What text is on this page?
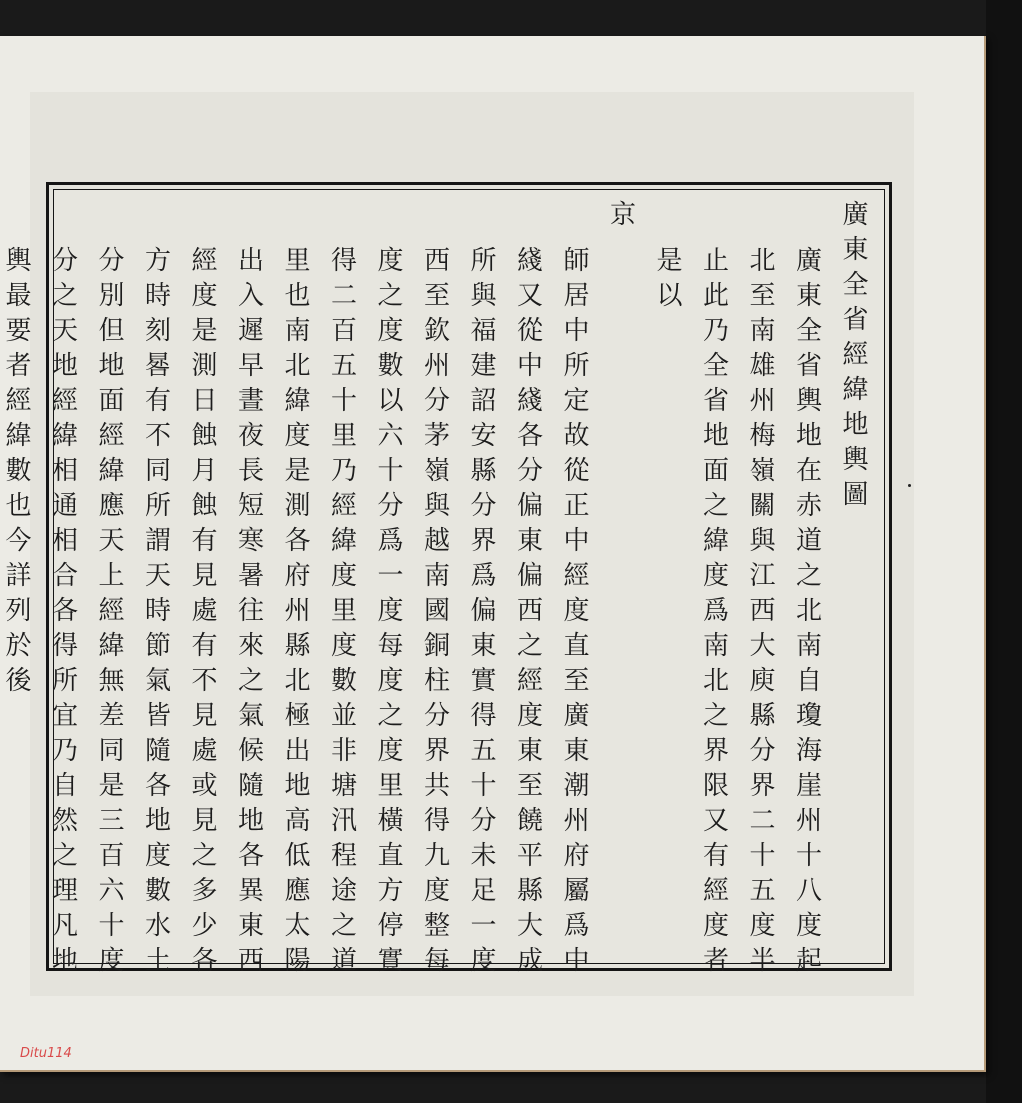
廣東全省經緯地輿圖
廣東全省輿地在赤道之北南自瓊海崖州十八度起
北至南雄州梅嶺關與江西大庾縣分界二十五度半
止此乃全省地面之緯度爲南北之界限又有經度者
是以
京
師居中所定故從正中經度直至廣東潮州府屬爲中
綫又從中綫各分偏東偏西之經度東至饒平縣大成
所與福建詔安縣分界爲偏東實得五十分未足一度
西至欽州分茅嶺與越南國銅柱分界共得九度整每
度之度數以六十分爲一度每度之度里橫直方停實
得二百五十里乃經緯度里度數並非塘汛程途之道
里也南北緯度是測各府州縣北極出地高低應太陽
出入遲早晝夜長短寒暑往來之氣候隨地各異東西
經度是測日蝕月蝕有見處有不見處或見之多少各
方時刻晷有不同所謂天時節氣皆隨各地度數水土
分別但地面經緯應天上經緯無差同是三百六十度
分之天地經緯相通相合各得所宜乃自然之理凡地
輿最要者經緯數也今詳列於後
Ditu114
